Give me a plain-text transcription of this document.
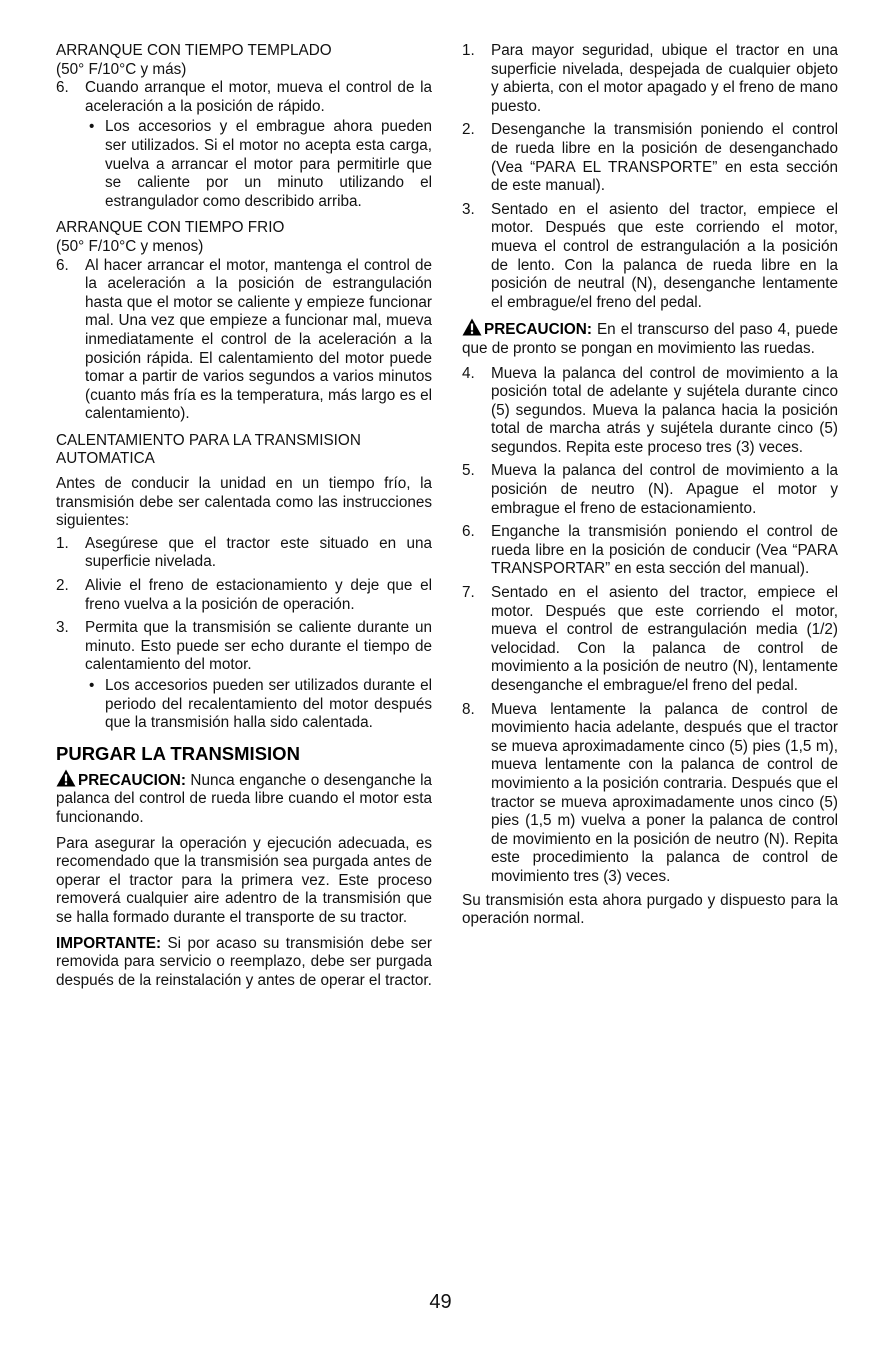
ARRANQUE CON TIEMPO TEMPLADO

(50° F/10°C y más)

6. Cuando arranque el motor, mueva el control de la aceleración a la posición de rápido.
• Los accesorios y el embrague ahora pueden ser utilizados. Si el motor no acepta esta carga, vuelva a arrancar el motor para permitirle que se caliente por un minuto utilizando el estrangulador como describido arriba.

ARRANQUE CON TIEMPO FRIO

(50° F/10°C y menos)

6. Al hacer arrancar el motor, mantenga el control de la aceleración a la posición de estrangulación hasta que el motor se caliente y empieze funcionar mal. Una vez que empieze a funcionar mal, mueva inmediatamente el control de la aceleración a la posición rápida. El calentamiento del motor puede tomar a partir de varios segundos a varios minutos (cuanto más fría es la temperatura, más largo es el calentamiento).

CALENTAMIENTO PARA LA TRANSMISION AUTOMATICA

Antes de conducir la unidad en un tiempo frío, la transmisión debe ser calentada como las instrucciones siguientes:

1. Asegúrese que el tractor este situado en una superficie nivelada.
2. Alivie el freno de estacionamiento y deje que el freno vuelva a la posición de operación.
3. Permita que la transmisión se caliente durante un minuto. Esto puede ser echo durante el tiempo de calentamiento del motor.
• Los accesorios pueden ser utilizados durante el periodo del recalentamiento del motor después que la transmisión halla sido calentada.

PURGAR LA TRANSMISION

PRECAUCION: Nunca enganche o desenganche la palanca del control de rueda libre cuando el motor esta funcionando.

Para asegurar la operación y ejecución adecuada, es recomendado que la transmisión sea purgada antes de operar el tractor para la primera vez. Este proceso removerá cualquier aire adentro de la transmisión que se halla formado durante el transporte de su tractor.

IMPORTANTE: Si por acaso su transmisión debe ser removida para servicio o reemplazo, debe ser purgada después de la reinstalación y antes de operar el tractor.

1. Para mayor seguridad, ubique el tractor en una superficie nivelada, despejada de cualquier objeto y abierta, con el motor apagado y el freno de mano puesto.
2. Desenganche la transmisión poniendo el control de rueda libre en la posición de desenganchado (Vea “PARA EL TRANSPORTE” en esta sección de este manual).
3. Sentado en el asiento del tractor, empiece el motor. Después que este corriendo el motor, mueva el control de estrangulación a la posición de lento. Con la palanca de rueda libre en la posición de neutral (N), desenganche lentamente el embrague/el freno del pedal.

PRECAUCION: En el transcurso del paso 4, puede que de pronto se pongan en movimiento las ruedas.

4. Mueva la palanca del control de movimiento a la posición total de adelante y sujétela durante cinco (5) segundos. Mueva la palanca hacia la posición total de marcha atrás y sujétela durante cinco (5) segundos. Repita este proceso tres (3) veces.
5. Mueva la palanca del control de movimiento a la posición de neutro (N). Apague el motor y embrague el freno de estacionamiento.
6. Enganche la transmisión poniendo el control de rueda libre en la posición de conducir (Vea “PARA TRANSPORTAR” en esta sección del manual).
7. Sentado en el asiento del tractor, empiece el motor. Después que este corriendo el motor, mueva el control de estrangulación media (1/2) velocidad. Con la palanca de control de movimiento a la posición de neutro (N), lentamente desenganche el embrague/el freno del pedal.
8. Mueva lentamente la palanca de control de movimiento hacia adelante, después que el tractor se mueva aproximadamente cinco (5) pies (1,5 m), mueva lentamente con la palanca de control de movimiento a la posición contraria. Después que el tractor se mueva aproximadamente unos cinco (5) pies (1,5 m) vuelva a poner la palanca de control de movimiento en la posición de neutro (N). Repita este procedimiento la palanca de control de movimiento tres (3) veces.

Su transmisión esta ahora purgado y dispuesto para la operación normal.

49
